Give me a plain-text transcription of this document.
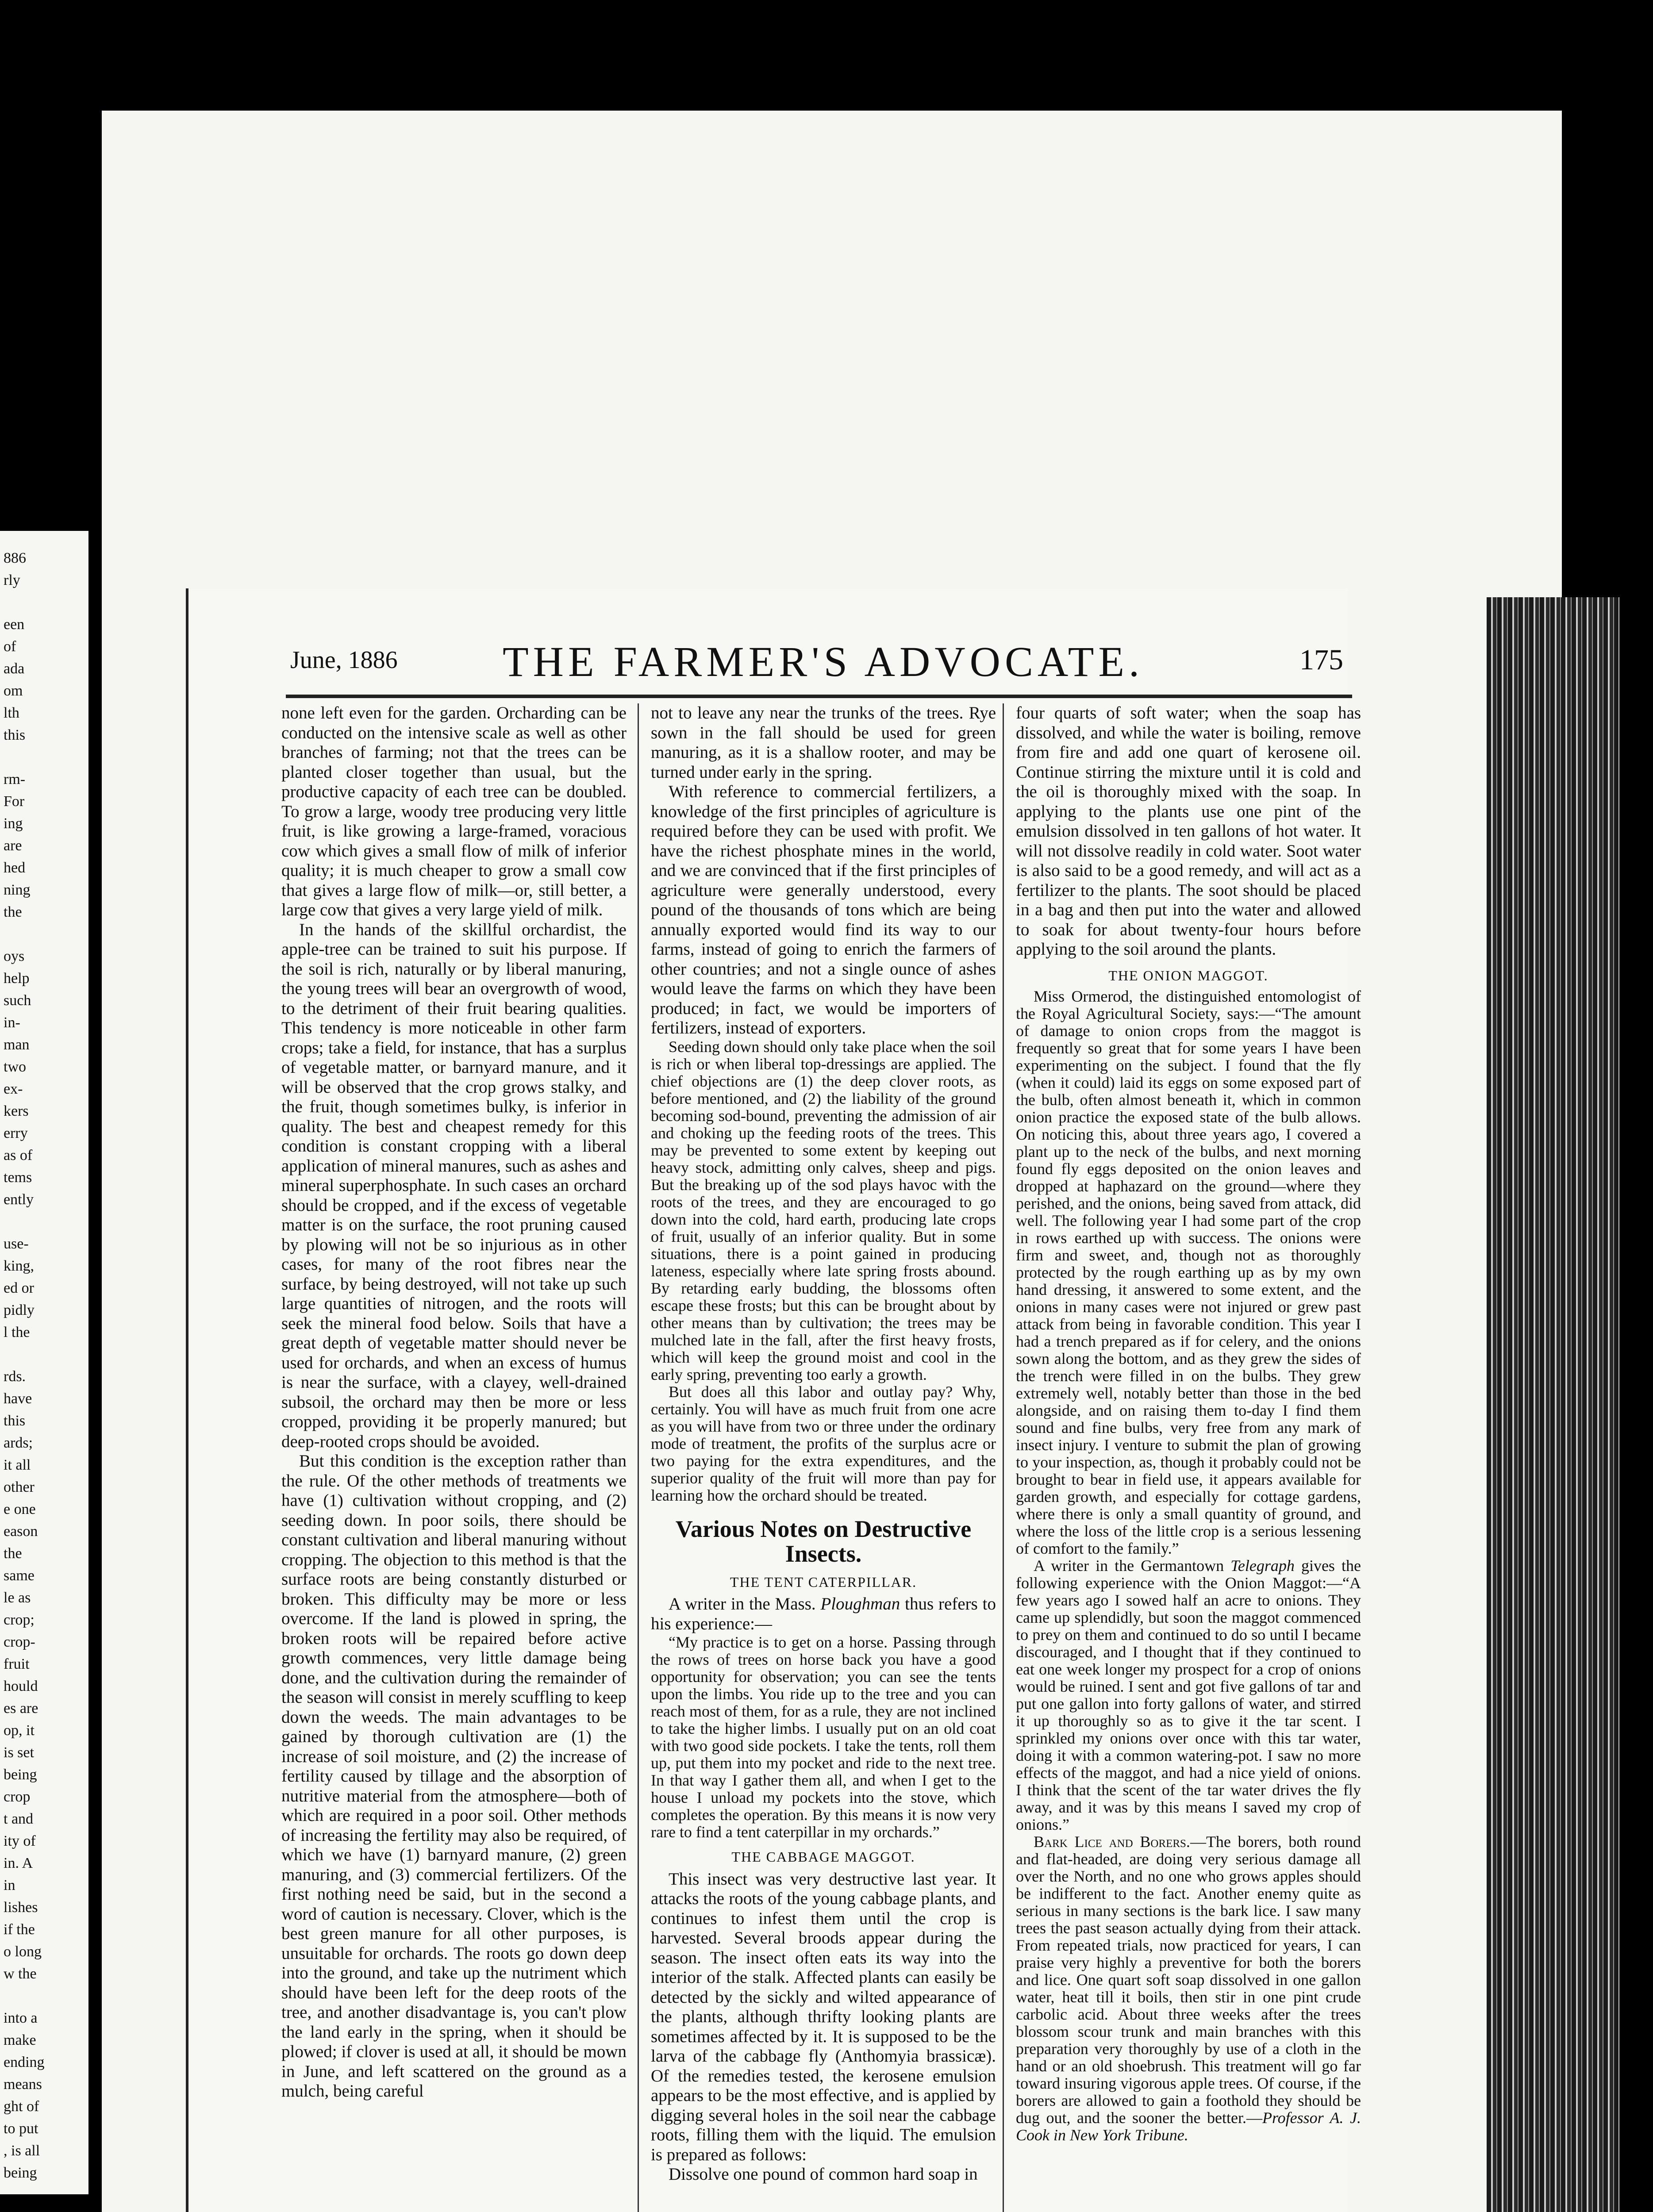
886
rly
een
of
ada
om
lth
this
rm-
For
ing
are
hed
ning
the
oys
help
such
in-
man
two
ex-
kers
erry
as of
tems
ently
use-
king,
ed or
pidly
l the
rds.
have
this
ards;
it all
other
e one
eason
the
same
le as
crop;
crop-
fruit
hould
es are
op, it
is set
being
crop
t and
ity of
in. A
in
lishes
if the
o long
w the
into a
make
ending
means
ght of
to put
, is all
being
June, 1886 THE FARMER'S ADVOCATE.	175

none left even for the garden. Orcharding can be conducted on the intensive scale as well as other branches of farming; not that the trees can be planted closer together than usual, but the productive capacity of each tree can be doubled. To grow a large, woody tree producing very little fruit, is like growing a large-framed, voracious cow which gives a small flow of milk of inferior quality; it is much cheaper to grow a small cow that gives a large flow of milk—or, still better, a large cow that gives a very large yield of milk.

In the hands of the skillful orchardist, the apple-tree can be trained to suit his purpose. If the soil is rich, naturally or by liberal manuring, the young trees will bear an overgrowth of wood, to the detriment of their fruit bearing qualities. This tendency is more noticeable in other farm crops; take a field, for instance, that has a surplus of vegetable matter, or barnyard manure, and it will be observed that the crop grows stalky, and the fruit, though sometimes bulky, is inferior in quality. The best and cheapest remedy for this condition is constant cropping with a liberal application of mineral manures, such as ashes and mineral superphosphate. In such cases an orchard should be cropped, and if the excess of vegetable matter is on the surface, the root pruning caused by plowing will not be so injurious as in other cases, for many of the root fibres near the surface, by being destroyed, will not take up such large quantities of nitrogen, and the roots will seek the mineral food below. Soils that have a great depth of vegetable matter should never be used for orchards, and when an excess of humus is near the surface, with a clayey, well-drained subsoil, the orchard may then be more or less cropped, providing it be properly manured; but deep-rooted crops should be avoided.

But this condition is the exception rather than the rule. Of the other methods of treatments we have (1) cultivation without cropping, and (2) seeding down. In poor soils, there should be constant cultivation and liberal manuring without cropping. The objection to this method is that the surface roots are being constantly disturbed or broken. This difficulty may be more or less overcome. If the land is plowed in spring, the broken roots will be repaired before active growth commences, very little damage being done, and the cultivation during the remainder of the season will consist in merely scuffling to keep down the weeds. The main advantages to be gained by thorough cultivation are (1) the increase of soil moisture, and (2) the increase of fertility caused by tillage and the absorption of nutritive material from the atmosphere—both of which are required in a poor soil. Other methods of increasing the fertility may also be required, of which we have (1) barnyard manure, (2) green manuring, and (3) commercial fertilizers. Of the first nothing need be said, but in the second a word of caution is necessary. Clover, which is the best green manure for all other purposes, is unsuitable for orchards. The roots go down deep into the ground, and take up the nutriment which should have been left for the deep roots of the tree, and another disadvantage is, you can't plow the land early in the spring, when it should be plowed; if clover is used at all, it should be mown in June, and left scattered on the ground as a mulch, being careful

not to leave any near the trunks of the trees. Rye sown in the fall should be used for green manuring, as it is a shallow rooter, and may be turned under early in the spring.

With reference to commercial fertilizers, a knowledge of the first principles of agriculture is required before they can be used with profit. We have the richest phosphate mines in the world, and we are convinced that if the first principles of agriculture were generally understood, every pound of the thousands of tons which are being annually exported would find its way to our farms, instead of going to enrich the farmers of other countries; and not a single ounce of ashes would leave the farms on which they have been produced; in fact, we would be importers of fertilizers, instead of exporters.

Seeding down should only take place when the soil is rich or when liberal top-dressings are applied. The chief objections are (1) the deep clover roots, as before mentioned, and (2) the liability of the ground becoming sod-bound, preventing the admission of air and choking up the feeding roots of the trees. This may be prevented to some extent by keeping out heavy stock, admitting only calves, sheep and pigs. But the breaking up of the sod plays havoc with the roots of the trees, and they are encouraged to go down into the cold, hard earth, producing late crops of fruit, usually of an inferior quality. But in some situations, there is a point gained in producing lateness, especially where late spring frosts abound. By retarding early budding, the blossoms often escape these frosts; but this can be brought about by other means than by cultivation; the trees may be mulched late in the fall, after the first heavy frosts, which will keep the ground moist and cool in the early spring, preventing too early a growth.

But does all this labor and outlay pay? Why, certainly. You will have as much fruit from one acre as you will have from two or three under the ordinary mode of treatment, the profits of the surplus acre or two paying for the extra expenditures, and the superior quality of the fruit will more than pay for learning how the orchard should be treated.

Various Notes on Destructive Insects.
THE TENT CATERPILLAR.

A writer in the Mass. Ploughman thus refers to his experience:—

“My practice is to get on a horse. Passing through the rows of trees on horse back you have a good opportunity for observation; you can see the tents upon the limbs. You ride up to the tree and you can reach most of them, for as a rule, they are not inclined to take the higher limbs. I usually put on an old coat with two good side pockets. I take the tents, roll them up, put them into my pocket and ride to the next tree. In that way I gather them all, and when I get to the house I unload my pockets into the stove, which completes the operation. By this means it is now very rare to find a tent caterpillar in my orchards.”

THE CABBAGE MAGGOT.

This insect was very destructive last year. It attacks the roots of the young cabbage plants, and continues to infest them until the crop is harvested. Several broods appear during the season. The insect often eats its way into the interior of the stalk. Affected plants can easily be detected by the sickly and wilted appearance of the plants, although thrifty looking plants are sometimes affected by it. It is supposed to be the larva of the cabbage fly (Anthomyia brassicæ). Of the remedies tested, the kerosene emulsion appears to be the most effective, and is applied by digging several holes in the soil near the cabbage roots, filling them with the liquid. The emulsion is prepared as follows:

Dissolve one pound of common hard soap in

four quarts of soft water; when the soap has dissolved, and while the water is boiling, remove from fire and add one quart of kerosene oil. Continue stirring the mixture until it is cold and the oil is thoroughly mixed with the soap. In applying to the plants use one pint of the emulsion dissolved in ten gallons of hot water. It will not dissolve readily in cold water. Soot water is also said to be a good remedy, and will act as a fertilizer to the plants. The soot should be placed in a bag and then put into the water and allowed to soak for about twenty-four hours before applying to the soil around the plants.

THE ONION MAGGOT.

Miss Ormerod, the distinguished entomologist of the Royal Agricultural Society, says:—“The amount of damage to onion crops from the maggot is frequently so great that for some years I have been experimenting on the subject. I found that the fly (when it could) laid its eggs on some exposed part of the bulb, often almost beneath it, which in common onion practice the exposed state of the bulb allows. On noticing this, about three years ago, I covered a plant up to the neck of the bulbs, and next morning found fly eggs deposited on the onion leaves and dropped at haphazard on the ground—where they perished, and the onions, being saved from attack, did well. The following year I had some part of the crop in rows earthed up with success. The onions were firm and sweet, and, though not as thoroughly protected by the rough earthing up as by my own hand dressing, it answered to some extent, and the onions in many cases were not injured or grew past attack from being in favorable condition. This year I had a trench prepared as if for celery, and the onions sown along the bottom, and as they grew the sides of the trench were filled in on the bulbs. They grew extremely well, notably better than those in the bed alongside, and on raising them to-day I find them sound and fine bulbs, very free from any mark of insect injury. I venture to submit the plan of growing to your inspection, as, though it probably could not be brought to bear in field use, it appears available for garden growth, and especially for cottage gardens, where there is only a small quantity of ground, and where the loss of the little crop is a serious lessening of comfort to the family.”

A writer in the Germantown Telegraph gives the following experience with the Onion Maggot:—“A few years ago I sowed half an acre to onions. They came up splendidly, but soon the maggot commenced to prey on them and continued to do so until I became discouraged, and I thought that if they continued to eat one week longer my prospect for a crop of onions would be ruined. I sent and got five gallons of tar and put one gallon into forty gallons of water, and stirred it up thoroughly so as to give it the tar scent. I sprinkled my onions over once with this tar water, doing it with a common watering-pot. I saw no more effects of the maggot, and had a nice yield of onions. I think that the scent of the tar water drives the fly away, and it was by this means I saved my crop of onions.”

Bark Lice and Borers.—The borers, both round and flat-headed, are doing very serious damage all over the North, and no one who grows apples should be indifferent to the fact. Another enemy quite as serious in many sections is the bark lice. I saw many trees the past season actually dying from their attack. From repeated trials, now practiced for years, I can praise very highly a preventive for both the borers and lice. One quart soft soap dissolved in one gallon water, heat till it boils, then stir in one pint crude carbolic acid. About three weeks after the trees blossom scour trunk and main branches with this preparation very thoroughly by use of a cloth in the hand or an old shoebrush. This treatment will go far toward insuring vigorous apple trees. Of course, if the borers are allowed to gain a foothold they should be dug out, and the sooner the better.—Professor A. J. Cook in New York Tribune.
